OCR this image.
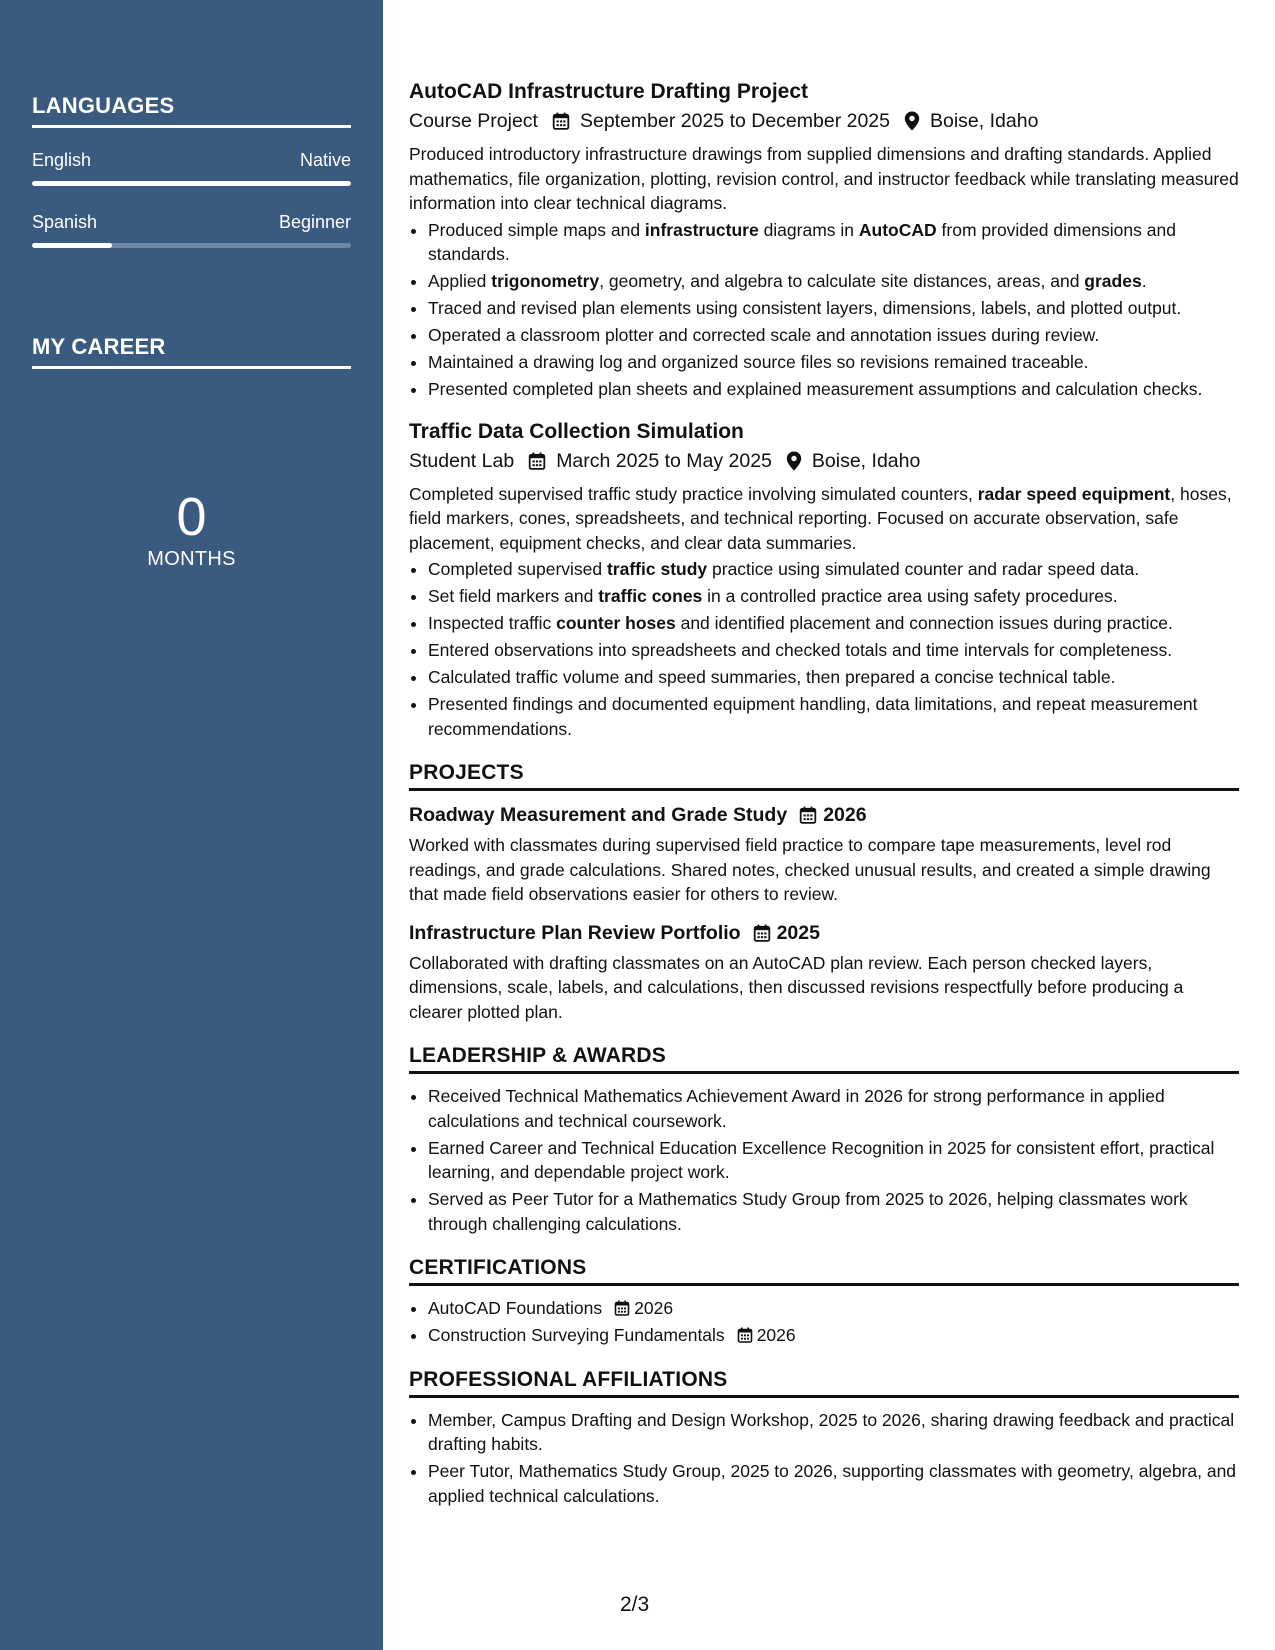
LANGUAGES
English	Native
Spanish	Beginner
MY CAREER
0
MONTHS
AutoCAD Infrastructure Drafting Project
Course Project September 2025 to December 2025 Boise, Idaho

Produced introductory infrastructure drawings from supplied dimensions and drafting standards. Applied mathematics, file organization, plotting, revision control, and instructor feedback while translating measured information into clear technical diagrams.

• Produced simple maps and infrastructure diagrams in AutoCAD from provided dimensions and standards.
• Applied trigonometry, geometry, and algebra to calculate site distances, areas, and grades.
• Traced and revised plan elements using consistent layers, dimensions, labels, and plotted output.
• Operated a classroom plotter and corrected scale and annotation issues during review.
• Maintained a drawing log and organized source files so revisions remained traceable.
• Presented completed plan sheets and explained measurement assumptions and calculation checks.
Traffic Data Collection Simulation
Student Lab March 2025 to May 2025 Boise, Idaho

Completed supervised traffic study practice involving simulated counters, radar speed equipment, hoses, field markers, cones, spreadsheets, and technical reporting. Focused on accurate observation, safe placement, equipment checks, and clear data summaries.

• Completed supervised traffic study practice using simulated counter and radar speed data.
• Set field markers and traffic cones in a controlled practice area using safety procedures.
• Inspected traffic counter hoses and identified placement and connection issues during practice.
• Entered observations into spreadsheets and checked totals and time intervals for completeness.
• Calculated traffic volume and speed summaries, then prepared a concise technical table.
• Presented findings and documented equipment handling, data limitations, and repeat measurement recommendations.
PROJECTS
Roadway Measurement and Grade Study 2026

Worked with classmates during supervised field practice to compare tape measurements, level rod readings, and grade calculations. Shared notes, checked unusual results, and created a simple drawing that made field observations easier for others to review.

Infrastructure Plan Review Portfolio 2025

Collaborated with drafting classmates on an AutoCAD plan review. Each person checked layers, dimensions, scale, labels, and calculations, then discussed revisions respectfully before producing a clearer plotted plan.

LEADERSHIP & AWARDS
• Received Technical Mathematics Achievement Award in 2026 for strong performance in applied calculations and technical coursework.
• Earned Career and Technical Education Excellence Recognition in 2025 for consistent effort, practical learning, and dependable project work.
• Served as Peer Tutor for a Mathematics Study Group from 2025 to 2026, helping classmates work through challenging calculations.
CERTIFICATIONS
• AutoCAD Foundations 2026
• Construction Surveying Fundamentals 2026
PROFESSIONAL AFFILIATIONS
• Member, Campus Drafting and Design Workshop, 2025 to 2026, sharing drawing feedback and practical drafting habits.
• Peer Tutor, Mathematics Study Group, 2025 to 2026, supporting classmates with geometry, algebra, and applied technical calculations.
2/3
